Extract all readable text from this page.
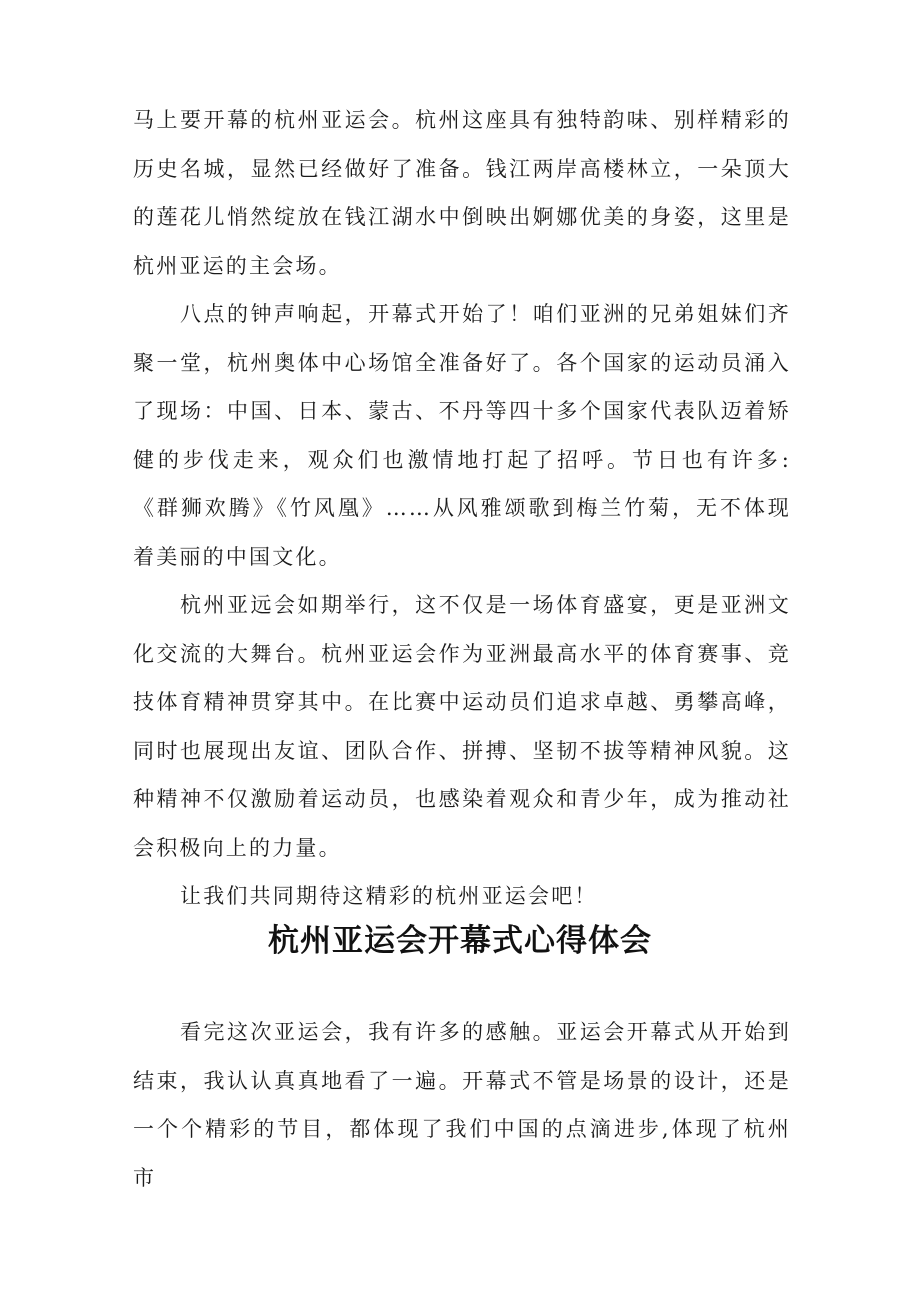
马上要开幕的杭州亚运会。杭州这座具有独特韵味、别样精彩的历史名城，显然已经做好了准备。钱江两岸高楼林立，一朵顶大的莲花儿悄然绽放在钱江湖水中倒映出婀娜优美的身姿，这里是杭州亚运的主会场。

八点的钟声响起，开幕式开始了！咱们亚洲的兄弟姐妹们齐聚一堂，杭州奥体中心场馆全准备好了。各个国家的运动员涌入了现场：中国、日本、蒙古、不丹等四十多个国家代表队迈着矫健的步伐走来，观众们也激情地打起了招呼。节日也有许多:《群狮欢腾》《竹风凰》……从风雅颂歌到梅兰竹菊，无不体现着美丽的中国文化。

杭州亚远会如期举行，这不仅是一场体育盛宴，更是亚洲文化交流的大舞台。杭州亚运会作为亚洲最高水平的体育赛事、竞技体育精神贯穿其中。在比赛中运动员们追求卓越、勇攀高峰，同时也展现出友谊、团队合作、拼搏、坚韧不拔等精神风貌。这种精神不仅激励着运动员，也感染着观众和青少年，成为推动社会积极向上的力量。

让我们共同期待这精彩的杭州亚运会吧！

杭州亚运会开幕式心得体会

看完这次亚运会，我有许多的感触。亚运会开幕式从开始到结束，我认认真真地看了一遍。开幕式不管是场景的设计，还是一个个精彩的节目，都体现了我们中国的点滴进步,体现了杭州市
